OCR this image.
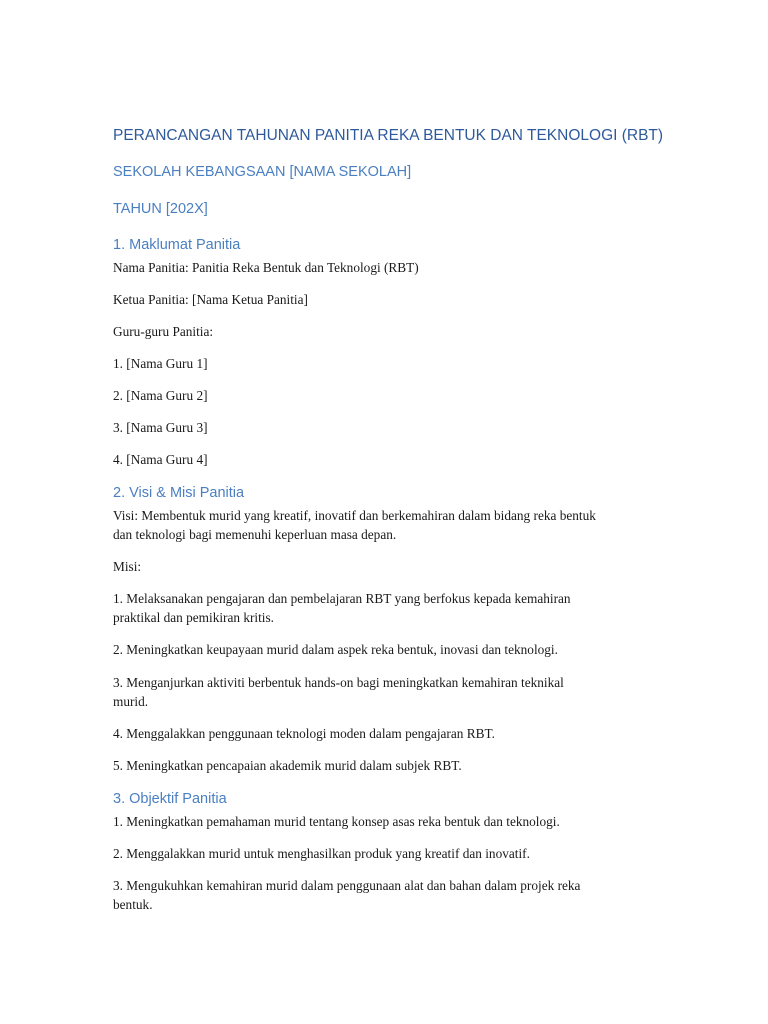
PERANCANGAN TAHUNAN PANITIA REKA BENTUK DAN TEKNOLOGI (RBT)
SEKOLAH KEBANGSAAN [NAMA SEKOLAH]
TAHUN [202X]
1. Maklumat Panitia
Nama Panitia: Panitia Reka Bentuk dan Teknologi (RBT)
Ketua Panitia: [Nama Ketua Panitia]
Guru-guru Panitia:
1. [Nama Guru 1]
2. [Nama Guru 2]
3. [Nama Guru 3]
4. [Nama Guru 4]
2. Visi & Misi Panitia
Visi: Membentuk murid yang kreatif, inovatif dan berkemahiran dalam bidang reka bentuk
dan teknologi bagi memenuhi keperluan masa depan.
Misi:
1. Melaksanakan pengajaran dan pembelajaran RBT yang berfokus kepada kemahiran
praktikal dan pemikiran kritis.
2. Meningkatkan keupayaan murid dalam aspek reka bentuk, inovasi dan teknologi.
3. Menganjurkan aktiviti berbentuk hands-on bagi meningkatkan kemahiran teknikal
murid.
4. Menggalakkan penggunaan teknologi moden dalam pengajaran RBT.
5. Meningkatkan pencapaian akademik murid dalam subjek RBT.
3. Objektif Panitia
1. Meningkatkan pemahaman murid tentang konsep asas reka bentuk dan teknologi.
2. Menggalakkan murid untuk menghasilkan produk yang kreatif dan inovatif.
3. Mengukuhkan kemahiran murid dalam penggunaan alat dan bahan dalam projek reka
bentuk.
